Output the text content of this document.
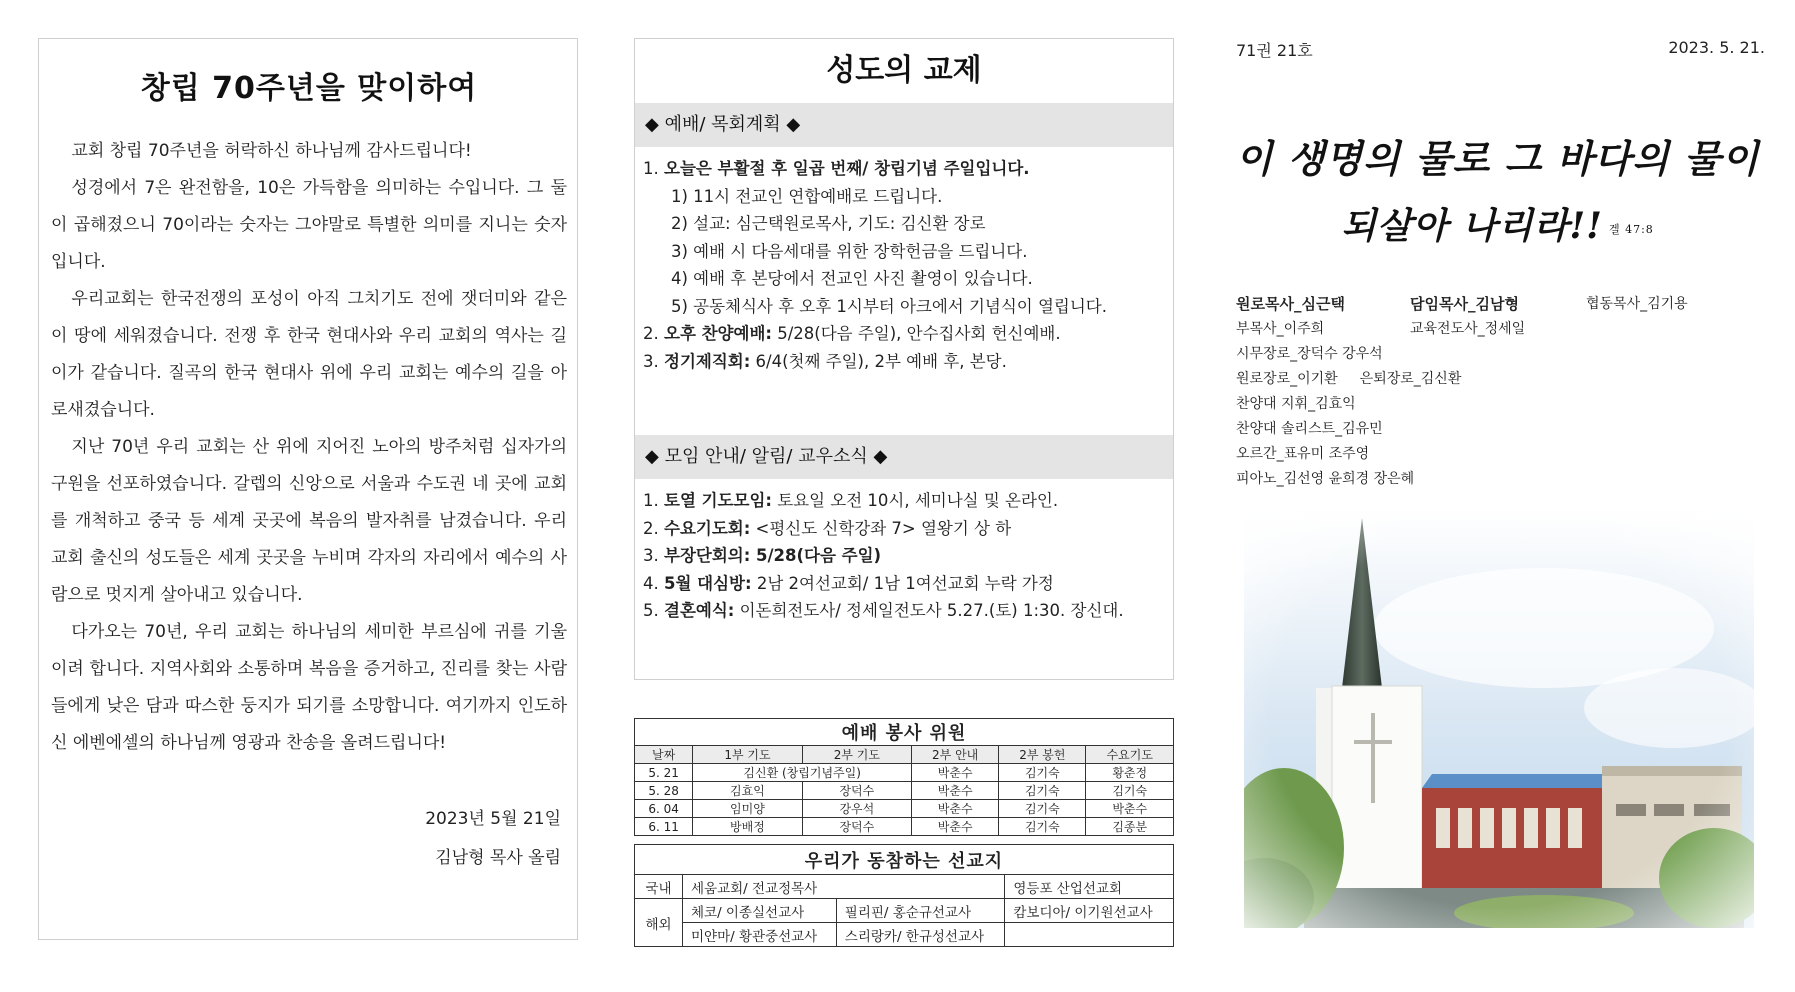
창립 70주년을 맞이하여

교회 창립 70주년을 허락하신 하나님께 감사드립니다!

성경에서 7은 완전함을, 10은 가득함을 의미하는 수입니다. 그 둘이 곱해졌으니 70이라는 숫자는 그야말로 특별한 의미를 지니는 숫자입니다.

우리교회는 한국전쟁의 포성이 아직 그치기도 전에 잿더미와 같은 이 땅에 세워졌습니다. 전쟁 후 한국 현대사와 우리 교회의 역사는 길이가 같습니다. 질곡의 한국 현대사 위에 우리 교회는 예수의 길을 아로새겼습니다.

지난 70년 우리 교회는 산 위에 지어진 노아의 방주처럼 십자가의 구원을 선포하였습니다. 갈렙의 신앙으로 서울과 수도권 네 곳에 교회를 개척하고 중국 등 세계 곳곳에 복음의 발자취를 남겼습니다. 우리 교회 출신의 성도들은 세계 곳곳을 누비며 각자의 자리에서 예수의 사람으로 멋지게 살아내고 있습니다.

다가오는 70년, 우리 교회는 하나님의 세미한 부르심에 귀를 기울이려 합니다. 지역사회와 소통하며 복음을 증거하고, 진리를 찾는 사람들에게 낮은 담과 따스한 둥지가 되기를 소망합니다. 여기까지 인도하신 에벤에셀의 하나님께 영광과 찬송을 올려드립니다!

2023년 5월 21일
김남형 목사 올림
성도의 교제
◆ 예배/ 목회계획 ◆
1. 오늘은 부활절 후 일곱 번째/ 창립기념 주일입니다.
1) 11시 전교인 연합예배로 드립니다.
2) 설교: 심근택원로목사, 기도: 김신환 장로
3) 예배 시 다음세대를 위한 장학헌금을 드립니다.
4) 예배 후 본당에서 전교인 사진 촬영이 있습니다.
5) 공동체식사 후 오후 1시부터 아크에서 기념식이 열립니다.
2. 오후 찬양예배: 5/28(다음 주일), 안수집사회 헌신예배.
3. 정기제직회: 6/4(첫째 주일), 2부 예배 후, 본당.
◆ 모임 안내/ 알림/ 교우소식 ◆
1. 토열 기도모임: 토요일 오전 10시, 세미나실 및 온라인.
2. 수요기도회: <평신도 신학강좌 7> 열왕기 상 하
3. 부장단회의: 5/28(다음 주일)
4. 5월 대심방: 2남 2여선교회/ 1남 1여선교회 누락 가정
5. 결혼예식: 이돈희전도사/ 정세일전도사 5.27.(토) 1:30. 장신대.
예배 봉사 위원					
날짜	1부 기도	2부 기도	2부 안내	2부 봉헌	수요기도
5. 21	김신환 (창립기념주일)		박춘수	김기숙	황춘정
5. 28	김효익	장덕수	박춘수	김기숙	김기숙
6. 04	임미양	강우석	박춘수	김기숙	박춘수
6. 11	방배정	장덕수	박춘수	김기숙	김종분
우리가 동참하는 선교지			
국내	세움교회/ 전교정목사		영등포 산업선교회
해외	체코/ 이종실선교사	필리핀/ 홍순규선교사	캄보디아/ 이기원선교사
	미얀마/ 황관중선교사	스리랑카/ 한규성선교사	
71권 21호	2023. 5. 21.
이 생명의 물로 그 바다의 물이
되살아 나리라!! 겔 47:8
원로목사_심근택	담임목사_김남형	협동목사_김기용
부목사_이주희	교육전도사_정세일
시무장로_장덕수 강우석
원로장로_이기환 은퇴장로_김신환
찬양대 지휘_김효익
찬양대 솔리스트_김유민
오르간_표유미 조주영
피아노_김선영 윤희경 장은혜
